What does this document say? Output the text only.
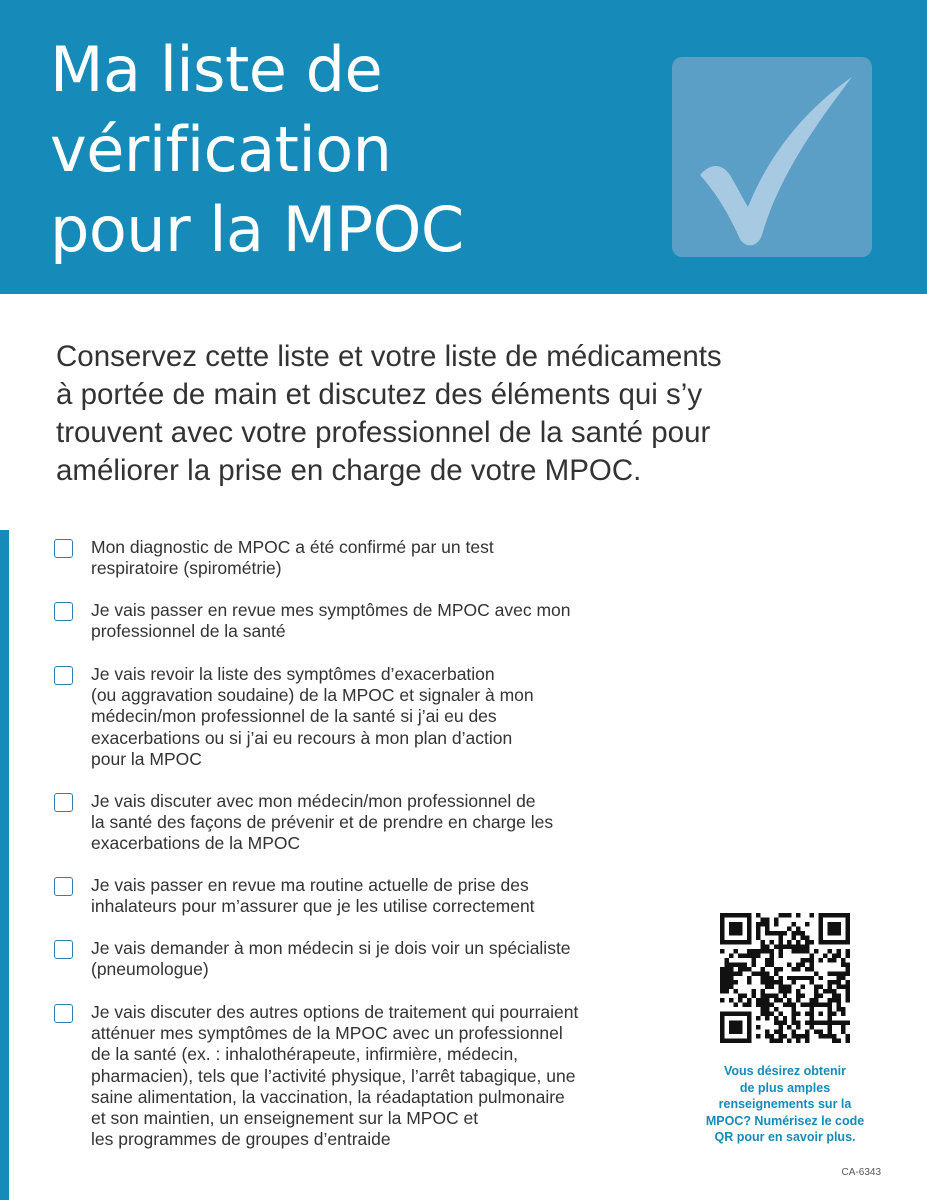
Ma liste de
vérification
pour la MPOC

Conservez cette liste et votre liste de médicaments
à portée de main et discutez des éléments qui s’y
trouvent avec votre professionnel de la santé pour
améliorer la prise en charge de votre MPOC.

Mon diagnostic de MPOC a été confirmé par un test
respiratoire (spirométrie)
Je vais passer en revue mes symptômes de MPOC avec mon
professionnel de la santé
Je vais revoir la liste des symptômes d’exacerbation
(ou aggravation soudaine) de la MPOC et signaler à mon
médecin/mon professionnel de la santé si j’ai eu des
exacerbations ou si j’ai eu recours à mon plan d’action
pour la MPOC
Je vais discuter avec mon médecin/mon professionnel de
la santé des façons de prévenir et de prendre en charge les
exacerbations de la MPOC
Je vais passer en revue ma routine actuelle de prise des
inhalateurs pour m’assurer que je les utilise correctement
Je vais demander à mon médecin si je dois voir un spécialiste
(pneumologue)
Je vais discuter des autres options de traitement qui pourraient
atténuer mes symptômes de la MPOC avec un professionnel
de la santé (ex. : inhalothérapeute, infirmière, médecin,
pharmacien), tels que l’activité physique, l’arrêt tabagique, une
saine alimentation, la vaccination, la réadaptation pulmonaire
et son maintien, un enseignement sur la MPOC et
les programmes de groupes d’entraide

Vous désirez obtenir
de plus amples
renseignements sur la
MPOC? Numérisez le code
QR pour en savoir plus.

CA-6343
